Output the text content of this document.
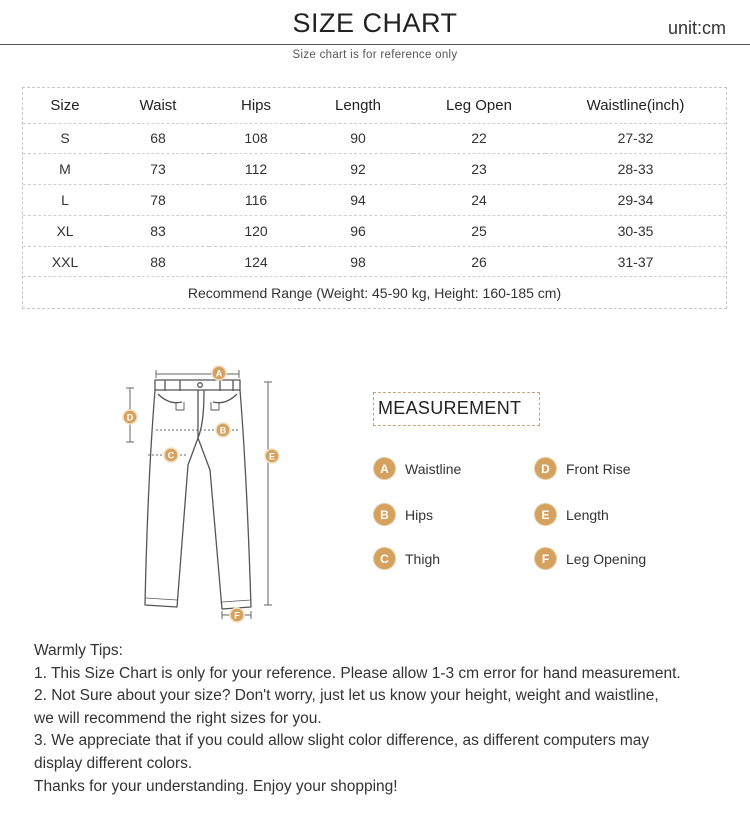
SIZE CHART	unit:cm
Size chart is for reference only
Size	Waist	Hips	Length	Leg Open	Waistline(inch)
S	68	108	90	22	27-32
M	73	112	92	23	28-33
L	78	116	94	24	29-34
XL	83	120	96	25	30-35
XXL	88	124	98	26	31-37
Recommend Range (Weight: 45-90 kg, Height: 160-185 cm)					
A
B
C
D
E
F
MEASUREMENT
A	Waistline	D	Front Rise
B	Hips	E	Length
C	Thigh	F	Leg Opening
Warmly Tips:
1. This Size Chart is only for your reference. Please allow 1-3 cm error for hand measurement.
2. Not Sure about your size? Don't worry, just let us know your height, weight and waistline,
we will recommend the right sizes for you.
3. We appreciate that if you could allow slight color difference, as different computers may
display different colors.
Thanks for your understanding. Enjoy your shopping!
